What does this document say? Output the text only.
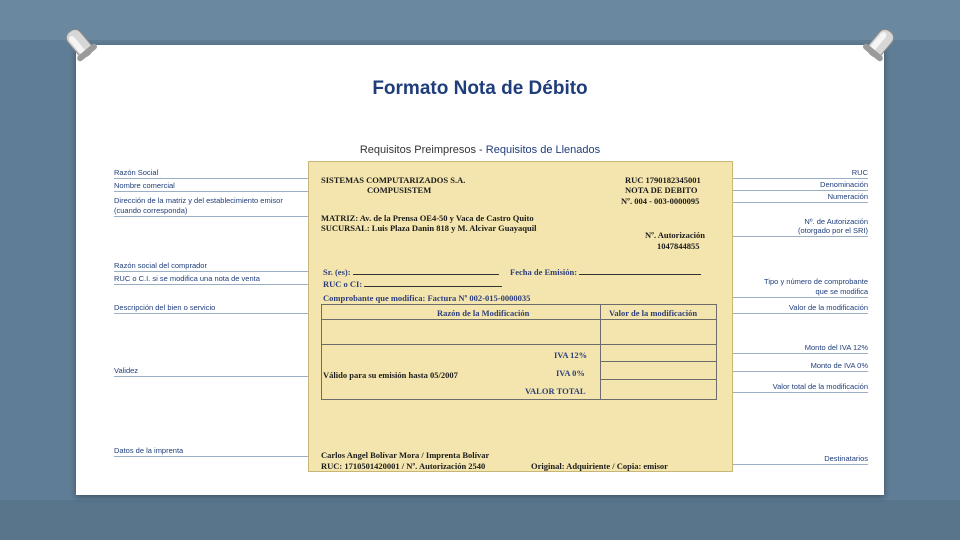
Formato Nota de Débito
Requisitos Preimpresos - Requisitos de Llenados
Razón Social
Nombre comercial
Dirección de la matriz y del establecimiento emisor
(cuando corresponda)
Razón social del comprador
RUC o C.I. si se modifica una nota de venta
Descripción del bien o servicio
Validez
Datos de la imprenta
RUC
Denominación
Numeración
Nº. de Autorización
(otorgado por el SRI)
Tipo y número de comprobante
que se modifica
Valor de la modificación
Monto del IVA 12%
Monto de IVA 0%
Valor total de la modificación
Destinatarios
SISTEMAS COMPUTARIZADOS S.A.
COMPUSISTEM
RUC 1790182345001
NOTA DE DEBITO
Nº. 004 - 003-0000095
MATRIZ: Av. de la Prensa OE4-50 y Vaca de Castro Quito
SUCURSAL: Luis Plaza Danin 818 y M. Alcivar Guayaquil
Nº. Autorización
1047844855
Sr. (es):	Fecha de Emisión:
RUC o CI:
Comprobante que modifica: Factura Nº 002-015-0000035
Razón de la Modificación	Valor de la modificación
IVA 12%
IVA 0%
VALOR TOTAL
Válido para su emisión hasta 05/2007
Carlos Angel Bolívar Mora / Imprenta Bolívar
RUC: 1710501420001 / Nº. Autorización 2540	Original: Adquiriente / Copia: emisor
